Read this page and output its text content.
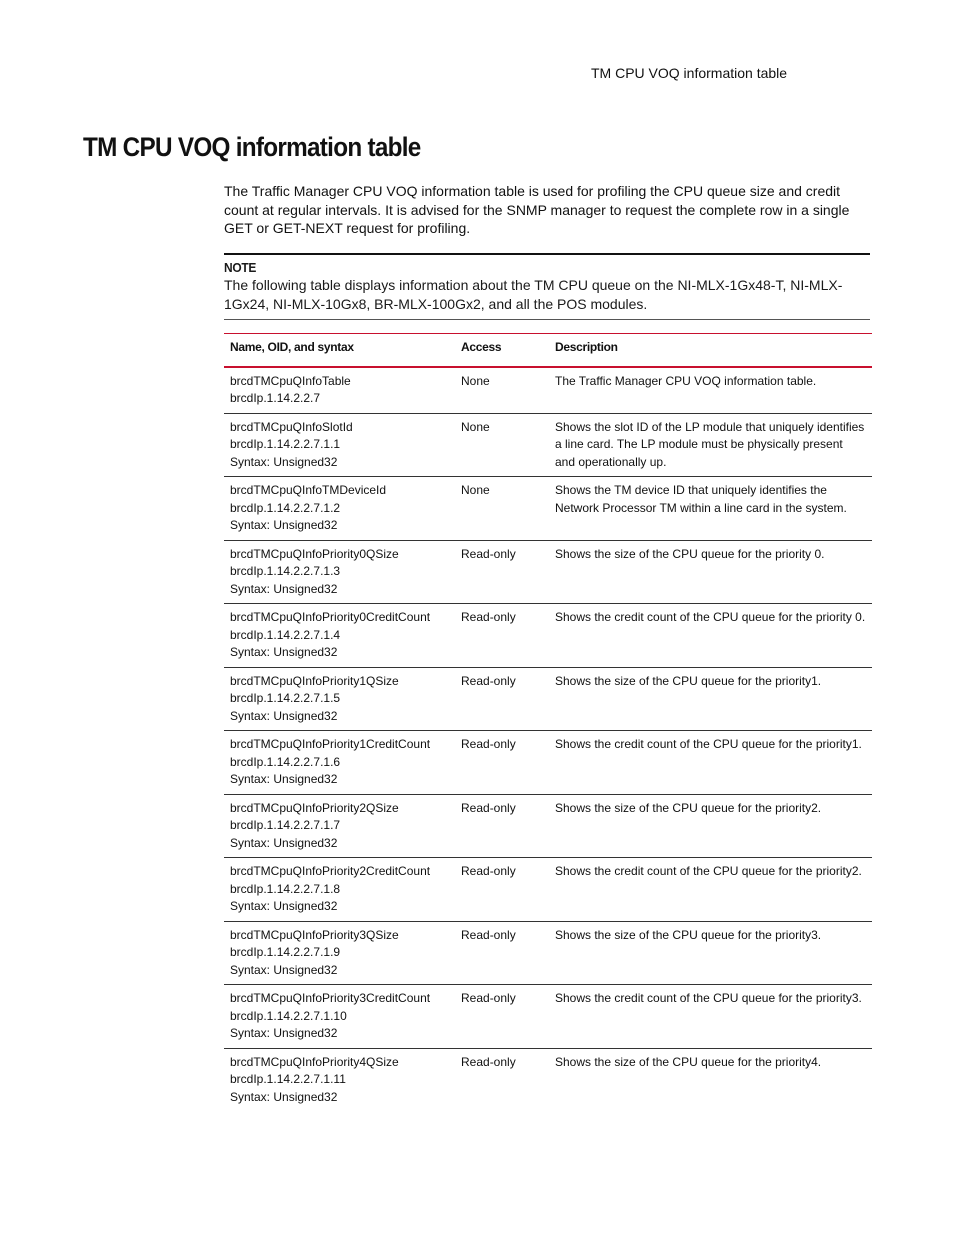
TM CPU VOQ information table
TM CPU VOQ information table

The Traffic Manager CPU VOQ information table is used for profiling the CPU queue size and credit count at regular intervals. It is advised for the SNMP manager to request the complete row in a single GET or GET-NEXT request for profiling.

NOTE
The following table displays information about the TM CPU queue on the NI-MLX-1Gx48-T, NI-MLX-1Gx24, NI-MLX-10Gx8, BR-MLX-100Gx2, and all the POS modules.
Name, OID, and syntax	Access	Description

brcdTMCpuQInfoTable
brcdIp.1.14.2.2.7	None	The Traffic Manager CPU VOQ information table.

brcdTMCpuQInfoSlotId
brcdIp.1.14.2.2.7.1.1
Syntax: Unsigned32	None	Shows the slot ID of the LP module that uniquely identifies a line card. The LP module must be physically present and operationally up.

brcdTMCpuQInfoTMDeviceId
brcdIp.1.14.2.2.7.1.2
Syntax: Unsigned32	None	Shows the TM device ID that uniquely identifies the Network Processor TM within a line card in the system.

brcdTMCpuQInfoPriority0QSize
brcdIp.1.14.2.2.7.1.3
Syntax: Unsigned32	Read-only	Shows the size of the CPU queue for the priority 0.

brcdTMCpuQInfoPriority0CreditCount
brcdIp.1.14.2.2.7.1.4
Syntax: Unsigned32	Read-only	Shows the credit count of the CPU queue for the priority 0.

brcdTMCpuQInfoPriority1QSize
brcdIp.1.14.2.2.7.1.5
Syntax: Unsigned32	Read-only	Shows the size of the CPU queue for the priority1.

brcdTMCpuQInfoPriority1CreditCount
brcdIp.1.14.2.2.7.1.6
Syntax: Unsigned32	Read-only	Shows the credit count of the CPU queue for the priority1.

brcdTMCpuQInfoPriority2QSize
brcdIp.1.14.2.2.7.1.7
Syntax: Unsigned32	Read-only	Shows the size of the CPU queue for the priority2.

brcdTMCpuQInfoPriority2CreditCount
brcdIp.1.14.2.2.7.1.8
Syntax: Unsigned32	Read-only	Shows the credit count of the CPU queue for the priority2.

brcdTMCpuQInfoPriority3QSize
brcdIp.1.14.2.2.7.1.9
Syntax: Unsigned32	Read-only	Shows the size of the CPU queue for the priority3.

brcdTMCpuQInfoPriority3CreditCount
brcdIp.1.14.2.2.7.1.10
Syntax: Unsigned32	Read-only	Shows the credit count of the CPU queue for the priority3.

brcdTMCpuQInfoPriority4QSize
brcdIp.1.14.2.2.7.1.11
Syntax: Unsigned32	Read-only	Shows the size of the CPU queue for the priority4.
